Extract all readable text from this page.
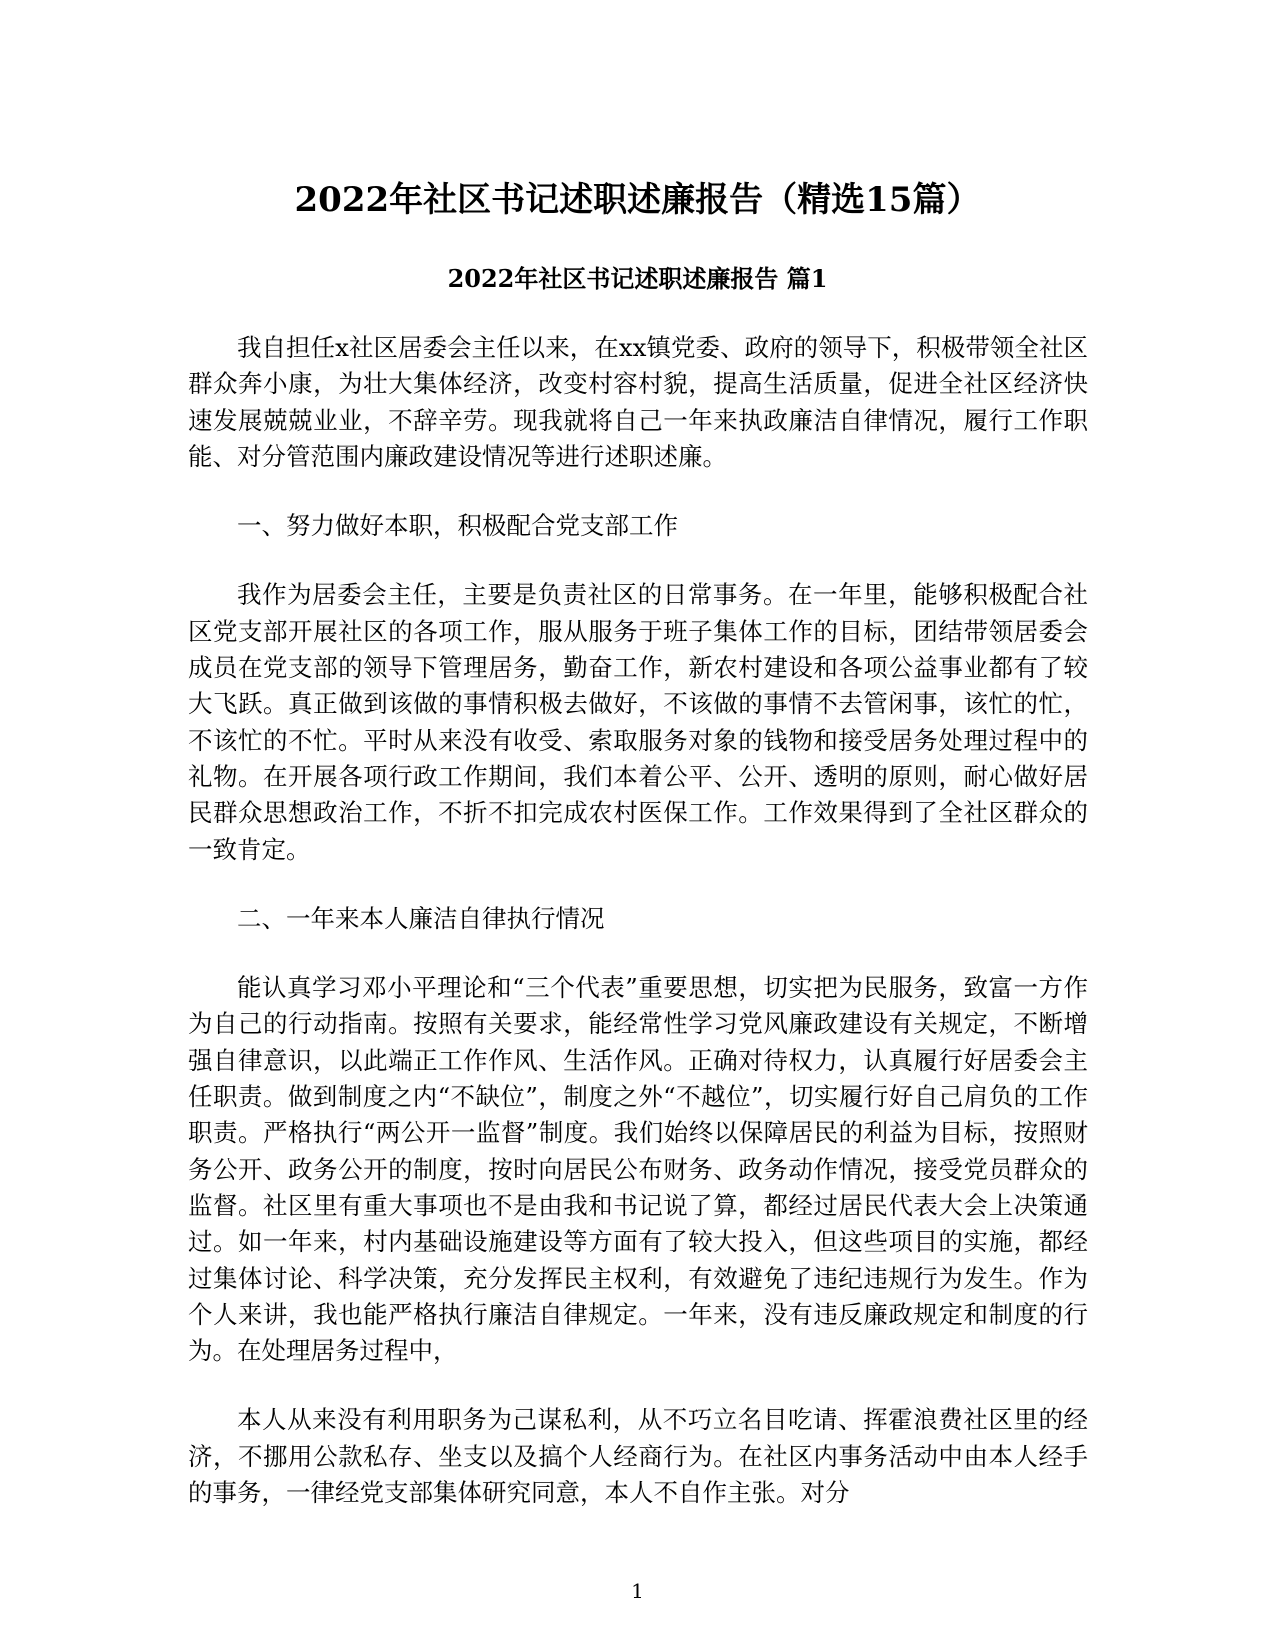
2022年社区书记述职述廉报告（精选15篇）
2022年社区书记述职述廉报告 篇1

我自担任x社区居委会主任以来，在xx镇党委、政府的领导下，积极带领全社区群众奔小康，为壮大集体经济，改变村容村貌，提高生活质量，促进全社区经济快速发展兢兢业业，不辞辛劳。现我就将自己一年来执政廉洁自律情况，履行工作职能、对分管范围内廉政建设情况等进行述职述廉。

一、努力做好本职，积极配合党支部工作

我作为居委会主任，主要是负责社区的日常事务。在一年里，能够积极配合社区党支部开展社区的各项工作，服从服务于班子集体工作的目标，团结带领居委会成员在党支部的领导下管理居务，勤奋工作，新农村建设和各项公益事业都有了较大飞跃。真正做到该做的事情积极去做好，不该做的事情不去管闲事，该忙的忙，不该忙的不忙。平时从来没有收受、索取服务对象的钱物和接受居务处理过程中的礼物。在开展各项行政工作期间，我们本着公平、公开、透明的原则，耐心做好居民群众思想政治工作，不折不扣完成农村医保工作。工作效果得到了全社区群众的一致肯定。

二、一年来本人廉洁自律执行情况

能认真学习邓小平理论和“三个代表”重要思想，切实把为民服务，致富一方作为自己的行动指南。按照有关要求，能经常性学习党风廉政建设有关规定，不断增强自律意识，以此端正工作作风、生活作风。正确对待权力，认真履行好居委会主任职责。做到制度之内“不缺位”，制度之外“不越位”，切实履行好自己肩负的工作职责。严格执行“两公开一监督”制度。我们始终以保障居民的利益为目标，按照财务公开、政务公开的制度，按时向居民公布财务、政务动作情况，接受党员群众的监督。社区里有重大事项也不是由我和书记说了算，都经过居民代表大会上决策通过。如一年来，村内基础设施建设等方面有了较大投入，但这些项目的实施，都经过集体讨论、科学决策，充分发挥民主权利，有效避免了违纪违规行为发生。作为个人来讲，我也能严格执行廉洁自律规定。一年来，没有违反廉政规定和制度的行为。在处理居务过程中，

本人从来没有利用职务为己谋私利，从不巧立名目吃请、挥霍浪费社区里的经济，不挪用公款私存、坐支以及搞个人经商行为。在社区内事务活动中由本人经手的事务，一律经党支部集体研究同意，本人不自作主张。对分

1
